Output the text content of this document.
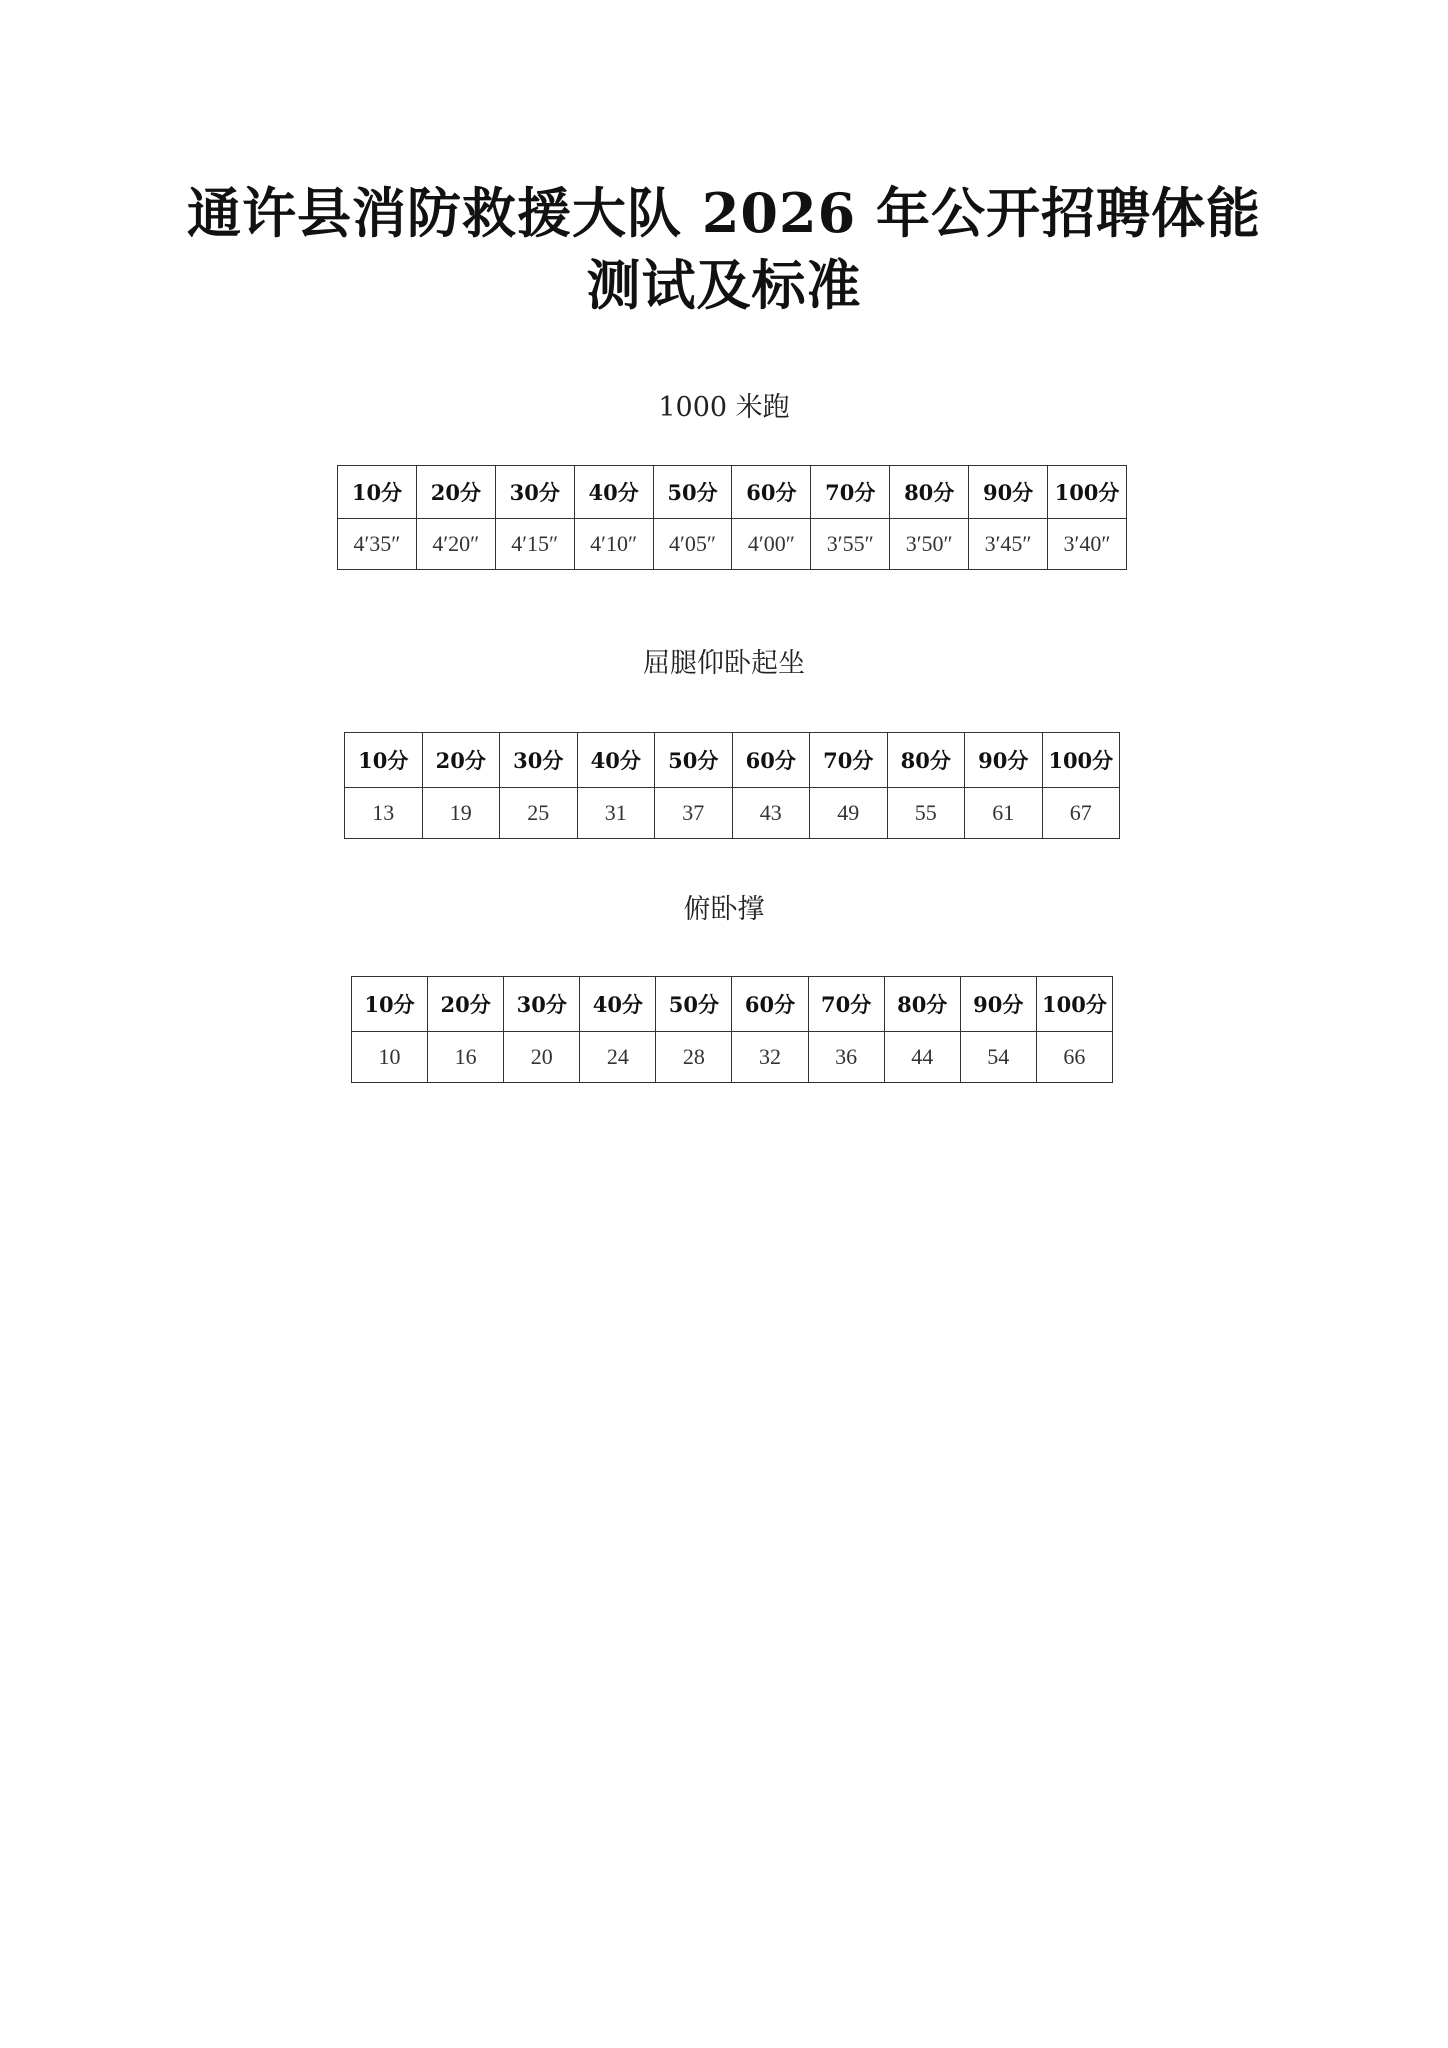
通许县消防救援大队 2026 年公开招聘体能
测试及标准
1000 米跑
10分	20分	30分	40分	50分	60分	70分	80分	90分	100分
4′35″	4′20″	4′15″	4′10″	4′05″	4′00″	3′55″	3′50″	3′45″	3′40″
屈腿仰卧起坐
10分	20分	30分	40分	50分	60分	70分	80分	90分	100分
13	19	25	31	37	43	49	55	61	67
俯卧撑
10分	20分	30分	40分	50分	60分	70分	80分	90分	100分
10	16	20	24	28	32	36	44	54	66
